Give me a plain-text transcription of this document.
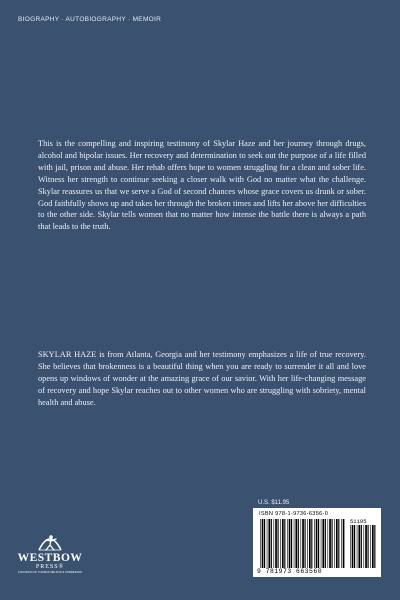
BIOGRAPHY · AUTOBIOGRAPHY · MEMOIR

This is the compelling and inspiring testimony of Skylar Haze and her journey through drugs, alcohol and bipolar issues. Her recovery and determination to seek out the purpose of a life filled with jail, prison and abuse. Her rehab offers hope to women struggling for a clean and sober life. Witness her strength to continue seeking a closer walk with God no matter what the challenge. Skylar reassures us that we serve a God of second chances whose grace covers us drunk or sober. God faithfully shows up and takes her through the broken times and lifts her above her difficulties to the other side. Skylar tells women that no matter how intense the battle there is always a path that leads to the truth.

SKYLAR HAZE is from Atlanta, Georgia and her testimony emphasizes a life of true recovery. She believes that brokenness is a beautiful thing when you are ready to surrender it all and love opens up windows of wonder at the amazing grace of our savior. With her life-changing message of recovery and hope Skylar reaches out to other women who are struggling with sobriety, mental health and abuse.

WESTBOW
PRESS®
A DIVISION OF THOMAS NELSON & ZONDERVAN
U.S. $11.95
ISBN 978-1-9736-6356-0
51195
9 781973 663560
